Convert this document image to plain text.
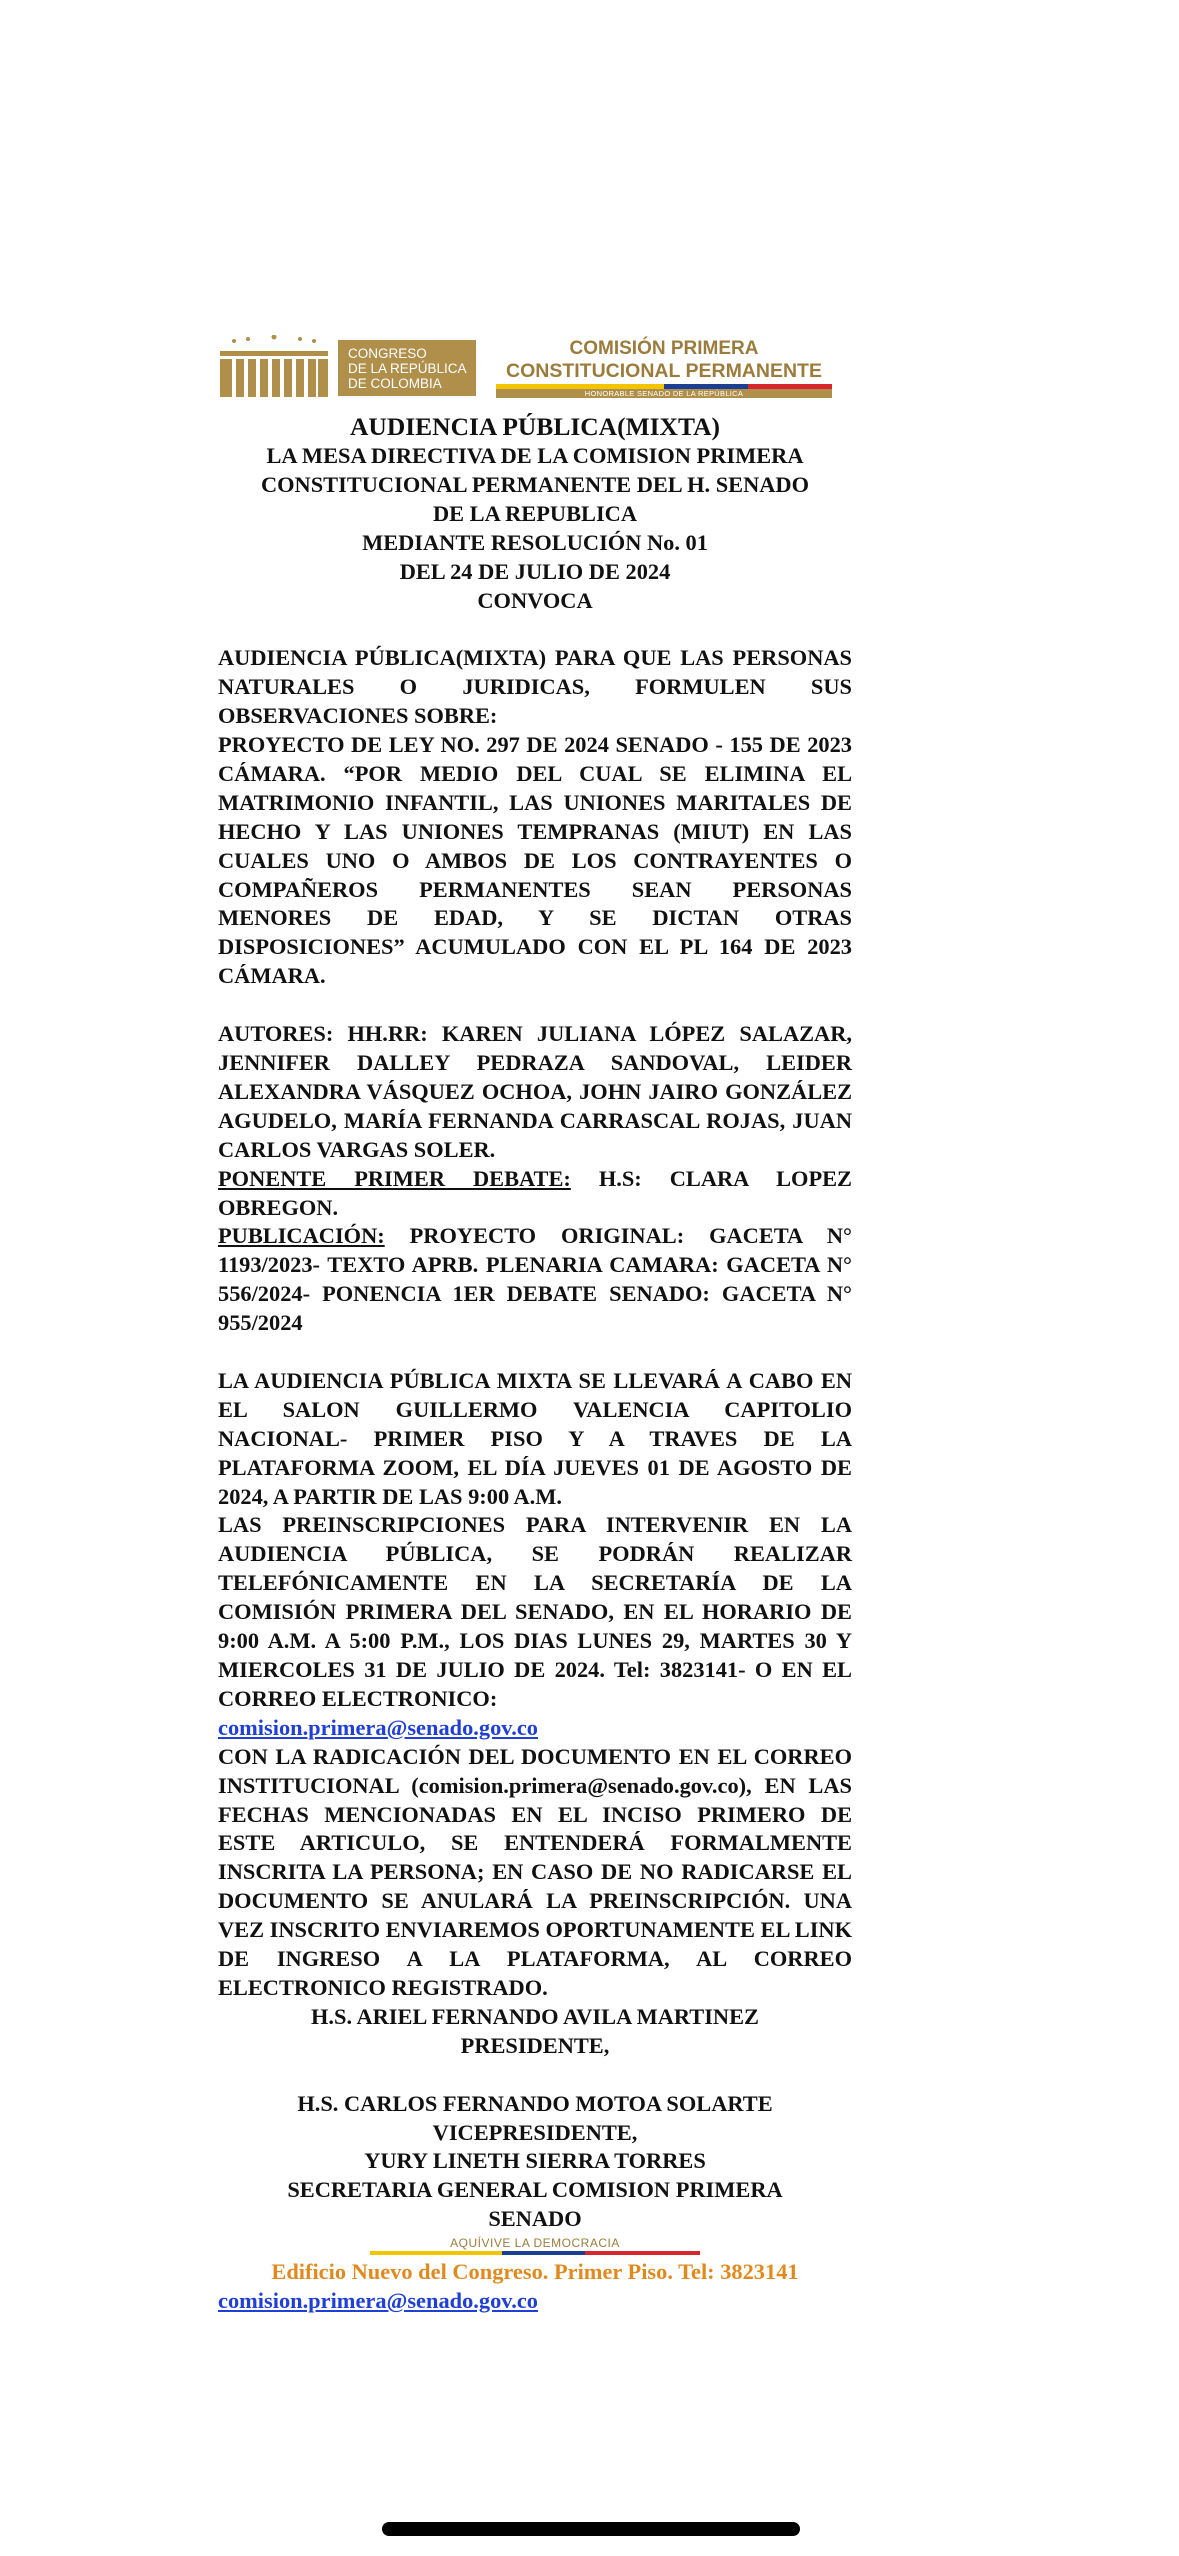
CONGRESO
DE LA REPÚBLICA
DE COLOMBIA
COMISIÓN PRIMERA
CONSTITUCIONAL PERMANENTE
HONORABLE SENADO DE LA REPÚBLICA
AUDIENCIA PÚBLICA(MIXTA)
LA MESA DIRECTIVA DE LA COMISION PRIMERA
CONSTITUCIONAL PERMANENTE DEL H. SENADO
DE LA REPUBLICA
MEDIANTE RESOLUCIÓN No. 01
DEL 24 DE JULIO DE 2024
CONVOCA
AUDIENCIA PÚBLICA(MIXTA) PARA QUE LAS PERSONAS NATURALES O JURIDICAS, FORMULEN SUS OBSERVACIONES SOBRE:
PROYECTO DE LEY NO. 297 DE 2024 SENADO - 155 DE 2023 CÁMARA. “POR MEDIO DEL CUAL SE ELIMINA EL MATRIMONIO INFANTIL, LAS UNIONES MARITALES DE HECHO Y LAS UNIONES TEMPRANAS (MIUT) EN LAS CUALES UNO O AMBOS DE LOS CONTRAYENTES O COMPAÑEROS PERMANENTES SEAN PERSONAS MENORES DE EDAD, Y SE DICTAN OTRAS DISPOSICIONES” ACUMULADO CON EL PL 164 DE 2023 CÁMARA.
AUTORES: HH.RR: KAREN JULIANA LÓPEZ SALAZAR, JENNIFER DALLEY PEDRAZA SANDOVAL, LEIDER ALEXANDRA VÁSQUEZ OCHOA, JOHN JAIRO GONZÁLEZ AGUDELO, MARÍA FERNANDA CARRASCAL ROJAS, JUAN CARLOS VARGAS SOLER.
PONENTE PRIMER DEBATE: H.S: CLARA LOPEZ OBREGON.
PUBLICACIÓN: PROYECTO ORIGINAL: GACETA N° 1193/2023- TEXTO APRB. PLENARIA CAMARA: GACETA N° 556/2024- PONENCIA 1ER DEBATE SENADO: GACETA N° 955/2024
LA AUDIENCIA PÚBLICA MIXTA SE LLEVARÁ A CABO EN EL SALON GUILLERMO VALENCIA CAPITOLIO NACIONAL- PRIMER PISO Y A TRAVES DE LA PLATAFORMA ZOOM, EL DÍA JUEVES 01 DE AGOSTO DE 2024, A PARTIR DE LAS 9:00 A.M.
LAS PREINSCRIPCIONES PARA INTERVENIR EN LA AUDIENCIA PÚBLICA, SE PODRÁN REALIZAR TELEFÓNICAMENTE EN LA SECRETARÍA DE LA COMISIÓN PRIMERA DEL SENADO, EN EL HORARIO DE 9:00 A.M. A 5:00 P.M., LOS DIAS LUNES 29, MARTES 30 Y MIERCOLES 31 DE JULIO DE 2024. Tel: 3823141- O EN EL CORREO ELECTRONICO:
comision.primera@senado.gov.co
CON LA RADICACIÓN DEL DOCUMENTO EN EL CORREO INSTITUCIONAL (comision.primera@senado.gov.co), EN LAS FECHAS MENCIONADAS EN EL INCISO PRIMERO DE ESTE ARTICULO, SE ENTENDERÁ FORMALMENTE INSCRITA LA PERSONA; EN CASO DE NO RADICARSE EL DOCUMENTO SE ANULARÁ LA PREINSCRIPCIÓN. UNA VEZ INSCRITO ENVIAREMOS OPORTUNAMENTE EL LINK DE INGRESO A LA PLATAFORMA, AL CORREO ELECTRONICO REGISTRADO.
H.S. ARIEL FERNANDO AVILA MARTINEZ
PRESIDENTE,
H.S. CARLOS FERNANDO MOTOA SOLARTE
VICEPRESIDENTE,
YURY LINETH SIERRA TORRES
SECRETARIA GENERAL COMISION PRIMERA
SENADO
AQUÍVIVE LA DEMOCRACIA
Edificio Nuevo del Congreso. Primer Piso. Tel: 3823141
comision.primera@senado.gov.co
